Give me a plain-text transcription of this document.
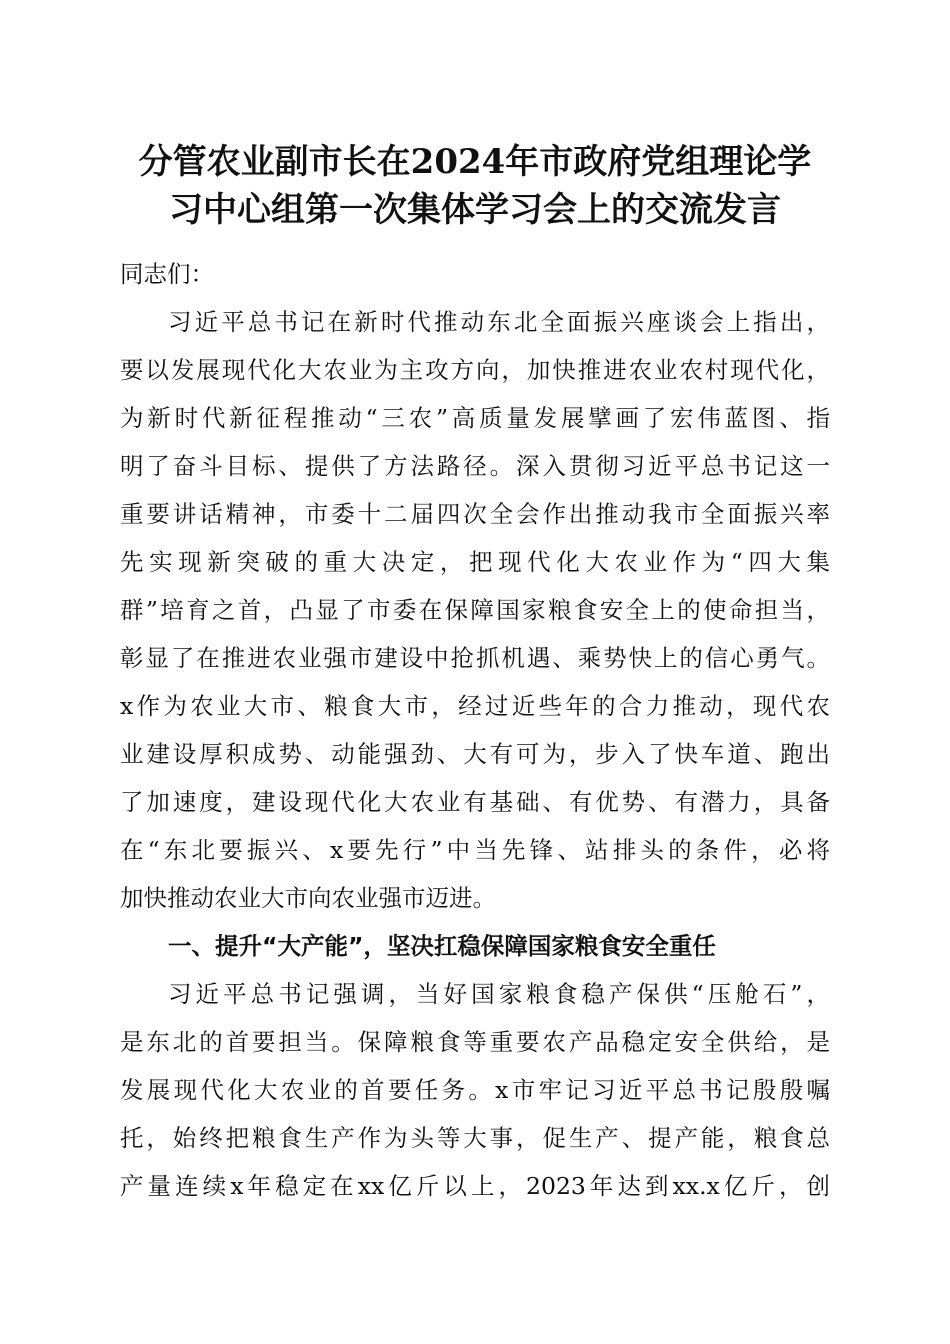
分管农业副市长在2024年市政府党组理论学
习中心组第一次集体学习会上的交流发言
同志们：
习近平总书记在新时代推动东北全面振兴座谈会上指出，
要以发展现代化大农业为主攻方向，加快推进农业农村现代化，
为新时代新征程推动“三农”高质量发展擘画了宏伟蓝图、指
明了奋斗目标、提供了方法路径。深入贯彻习近平总书记这一
重要讲话精神，市委十二届四次全会作出推动我市全面振兴率
先实现新突破的重大决定，把现代化大农业作为“四大集
群”培育之首，凸显了市委在保障国家粮食安全上的使命担当，
彰显了在推进农业强市建设中抢抓机遇、乘势快上的信心勇气。
x作为农业大市、粮食大市，经过近些年的合力推动，现代农
业建设厚积成势、动能强劲、大有可为，步入了快车道、跑出
了加速度，建设现代化大农业有基础、有优势、有潜力，具备
在“东北要振兴、x要先行”中当先锋、站排头的条件，必将
加快推动农业大市向农业强市迈进。
一、提升“大产能”，坚决扛稳保障国家粮食安全重任
习近平总书记强调，当好国家粮食稳产保供“压舱石”，
是东北的首要担当。保障粮食等重要农产品稳定安全供给，是
发展现代化大农业的首要任务。x市牢记习近平总书记殷殷嘱
托，始终把粮食生产作为头等大事，促生产、提产能，粮食总
产量连续x年稳定在xx亿斤以上，2023年达到xx.x亿斤，创
